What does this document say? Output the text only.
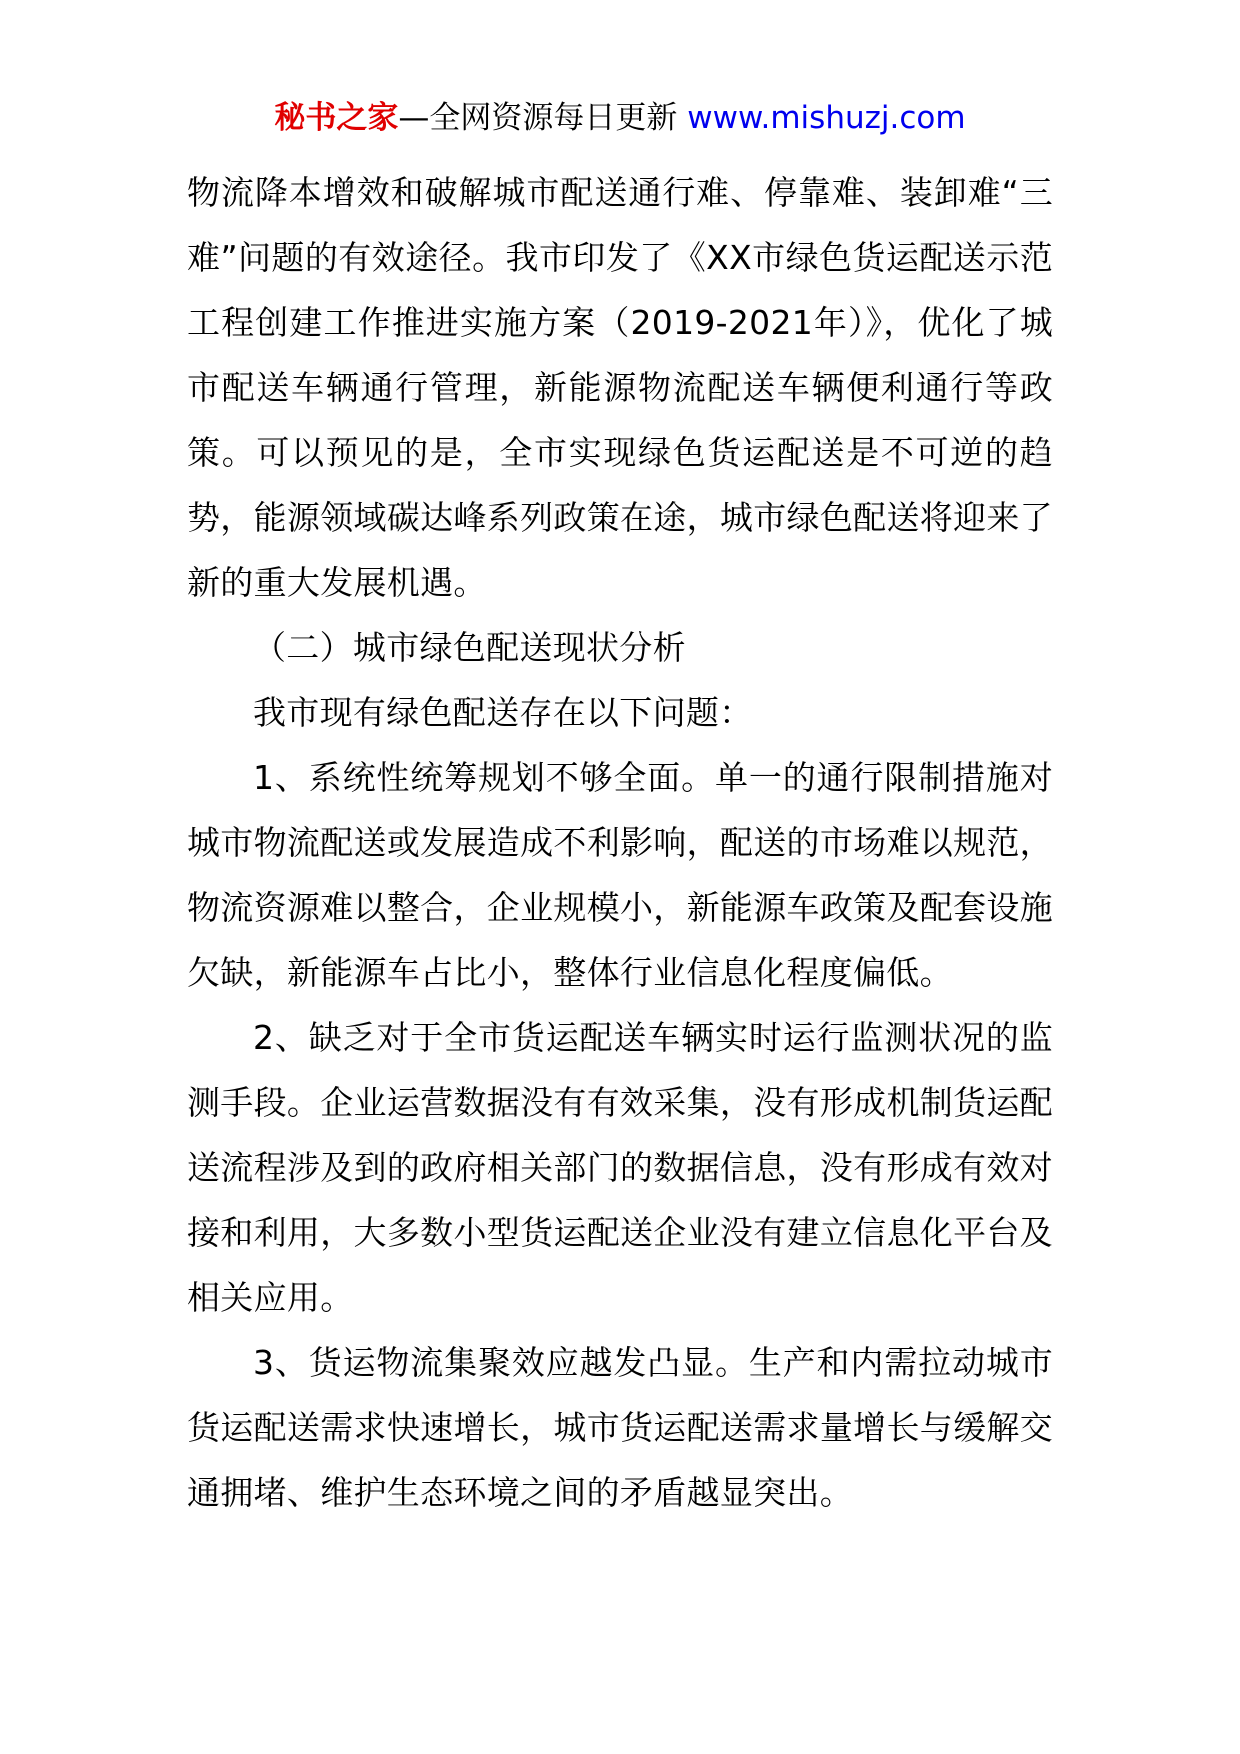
秘书之家—全网资源每日更新 www.mishuzj.com

物流降本增效和破解城市配送通行难、停靠难、装卸难“三难”问题的有效途径。我市印发了《XX市绿色货运配送示范工程创建工作推进实施方案（2019-2021年）》，优化了城市配送车辆通行管理，新能源物流配送车辆便利通行等政策。可以预见的是，全市实现绿色货运配送是不可逆的趋势，能源领域碳达峰系列政策在途，城市绿色配送将迎来了新的重大发展机遇。

（二）城市绿色配送现状分析

我市现有绿色配送存在以下问题：

1、系统性统筹规划不够全面。单一的通行限制措施对城市物流配送或发展造成不利影响，配送的市场难以规范，物流资源难以整合，企业规模小，新能源车政策及配套设施欠缺，新能源车占比小，整体行业信息化程度偏低。

2、缺乏对于全市货运配送车辆实时运行监测状况的监测手段。企业运营数据没有有效采集，没有形成机制货运配送流程涉及到的政府相关部门的数据信息，没有形成有效对接和利用，大多数小型货运配送企业没有建立信息化平台及相关应用。

3、货运物流集聚效应越发凸显。生产和内需拉动城市货运配送需求快速增长，城市货运配送需求量增长与缓解交通拥堵、维护生态环境之间的矛盾越显突出。
